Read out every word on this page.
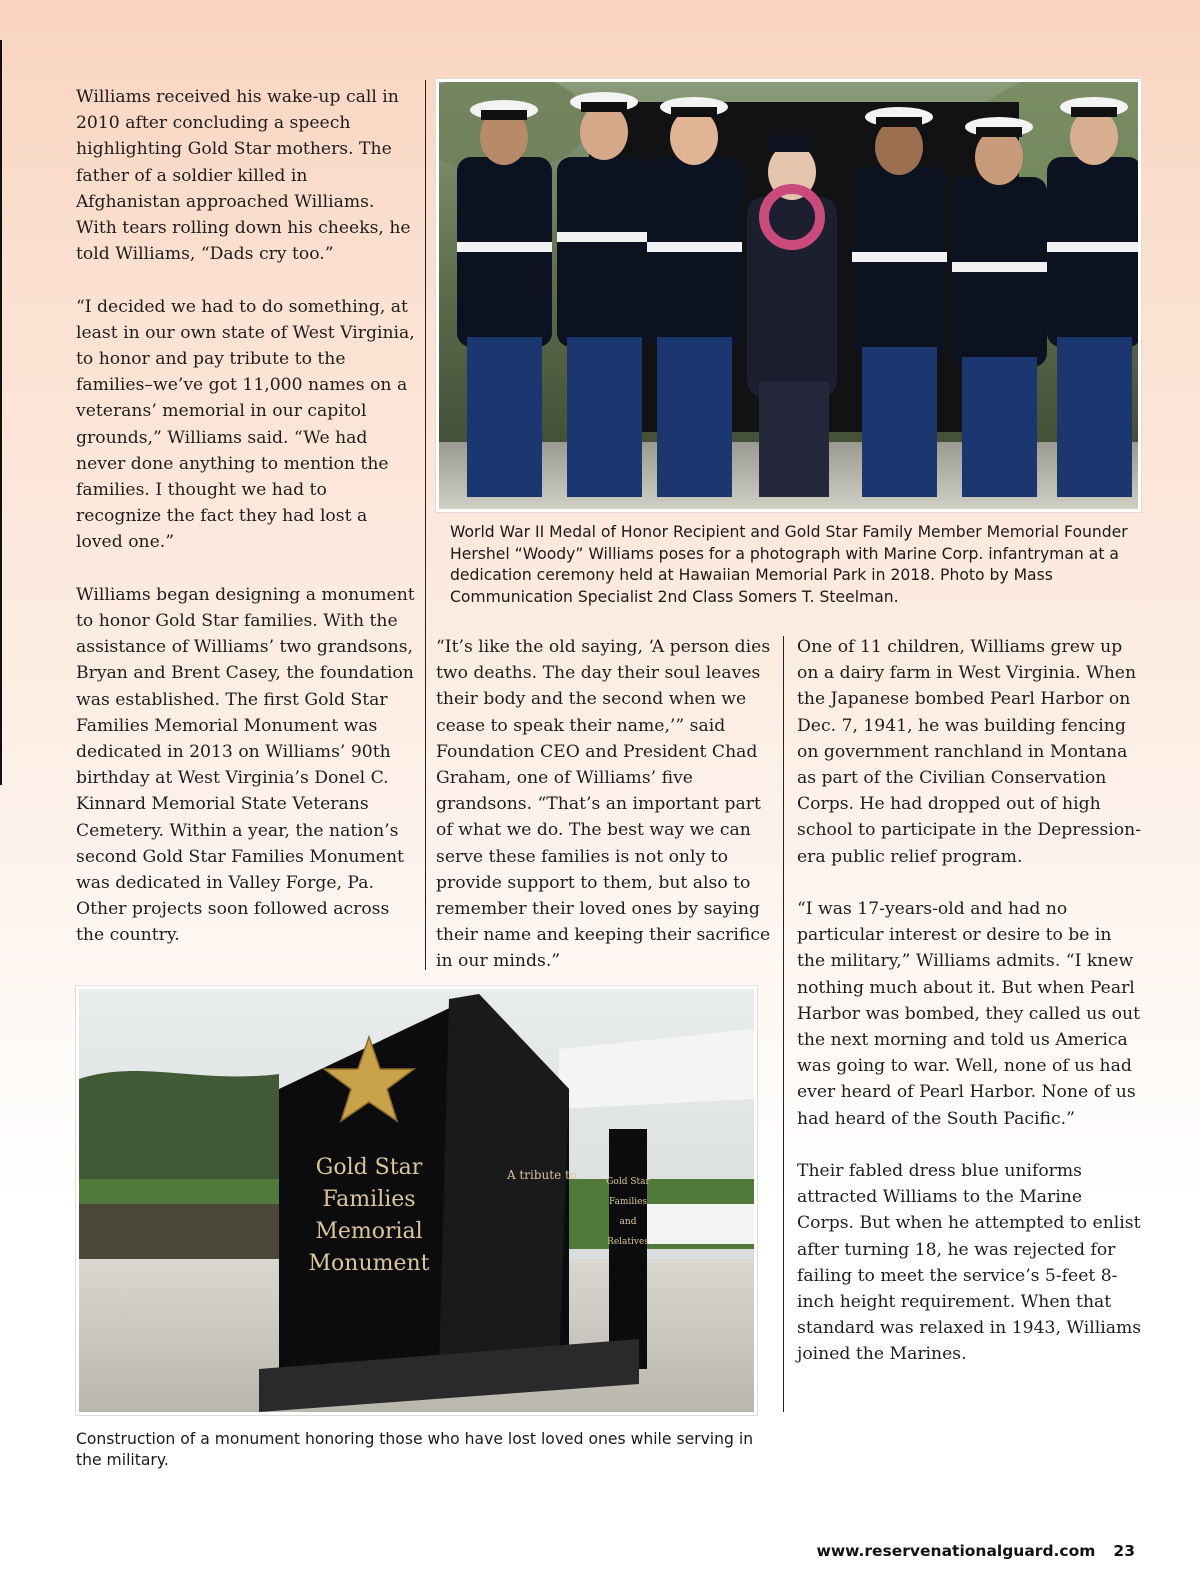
Williams received his wake-up call in 2010 after concluding a speech highlighting Gold Star mothers. The father of a soldier killed in Afghanistan approached Williams. With tears rolling down his cheeks, he told Williams, “Dads cry too.”

“I decided we had to do something, at least in our own state of West Virginia, to honor and pay tribute to the families–we’ve got 11,000 names on a veterans’ memorial in our capitol grounds,” Williams said. “We had never done anything to mention the families. I thought we had to recognize the fact they had lost a loved one.”

Williams began designing a monument to honor Gold Star families. With the assistance of Williams’ two grandsons, Bryan and Brent Casey, the foundation was established. The first Gold Star Families Memorial Monument was dedicated in 2013 on Williams’ 90th birthday at West Virginia’s Donel C. Kinnard Memorial State Veterans Cemetery. Within a year, the nation’s second Gold Star Families Monument was dedicated in Valley Forge, Pa. Other projects soon followed across the country.

World War II Medal of Honor Recipient and Gold Star Family Member Memorial Founder Hershel “Woody” Williams poses for a photograph with Marine Corp. infantryman at a dedication ceremony held at Hawaiian Memorial Park in 2018. Photo by Mass Communication Specialist 2nd Class Somers T. Steelman.

“It’s like the old saying, ‘A person dies two deaths. The day their soul leaves their body and the second when we cease to speak their name,’” said Foundation CEO and President Chad Graham, one of Williams’ five grandsons. “That’s an important part of what we do. The best way we can serve these families is not only to provide support to them, but also to remember their loved ones by saying their name and keeping their sacrifice in our minds.”

One of 11 children, Williams grew up on a dairy farm in West Virginia. When the Japanese bombed Pearl Harbor on Dec. 7, 1941, he was building fencing on government ranchland in Montana as part of the Civilian Conservation Corps. He had dropped out of high school to participate in the Depression-era public relief program.

“I was 17-years-old and had no particular interest or desire to be in the military,” Williams admits. “I knew nothing much about it. But when Pearl Harbor was bombed, they called us out the next morning and told us America was going to war. Well, none of us had ever heard of Pearl Harbor. None of us had heard of the South Pacific.”

Their fabled dress blue uniforms attracted Williams to the Marine Corps. But when he attempted to enlist after turning 18, he was rejected for failing to meet the service’s 5-feet 8-inch height requirement. When that standard was relaxed in 1943, Williams joined the Marines.

Gold Star
Families
Memorial
Monument
A tribute to	Gold Star
Families
and
Relatives
Construction of a monument honoring those who have lost loved ones while serving in the military.
www.reservenationalguard.com 23
